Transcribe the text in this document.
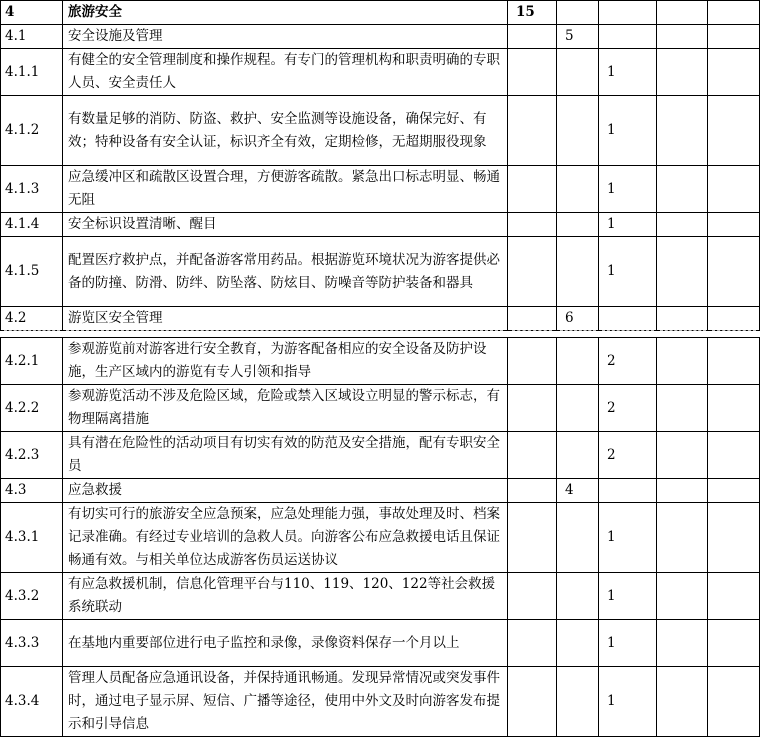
4	旅游安全	15				
4.1	安全设施及管理		5			
4.1.1	有健全的安全管理制度和操作规程。有专门的管理机构和职责明确的专职人员、安全责任人			1		
4.1.2	有数量足够的消防、防盗、救护、安全监测等设施设备，确保完好、有效；特种设备有安全认证，标识齐全有效，定期检修，无超期服役现象			1		
4.1.3	应急缓冲区和疏散区设置合理，方便游客疏散。紧急出口标志明显、畅通无阻			1		
4.1.4	安全标识设置清晰、醒目			1		
4.1.5	配置医疗救护点，并配备游客常用药品。根据游览环境状况为游客提供必备的防撞、防滑、防绊、防坠落、防炫目、防噪音等防护装备和器具			1		
4.2	游览区安全管理		6			
4.2.1	参观游览前对游客进行安全教育，为游客配备相应的安全设备及防护设施，生产区域内的游览有专人引领和指导			2		
4.2.2	参观游览活动不涉及危险区域，危险或禁入区域设立明显的警示标志，有物理隔离措施			2		
4.2.3	具有潜在危险性的活动项目有切实有效的防范及安全措施，配有专职安全员			2		
4.3	应急救援		4			
4.3.1	有切实可行的旅游安全应急预案，应急处理能力强，事故处理及时、档案记录准确。有经过专业培训的急救人员。向游客公布应急救援电话且保证畅通有效。与相关单位达成游客伤员运送协议			1		
4.3.2	有应急救援机制，信息化管理平台与110、119、120、122等社会救援系统联动			1		
4.3.3	在基地内重要部位进行电子监控和录像，录像资料保存一个月以上			1		
4.3.4	管理人员配备应急通讯设备，并保持通讯畅通。发现异常情况或突发事件时，通过电子显示屏、短信、广播等途径，使用中外文及时向游客发布提示和引导信息			1		
